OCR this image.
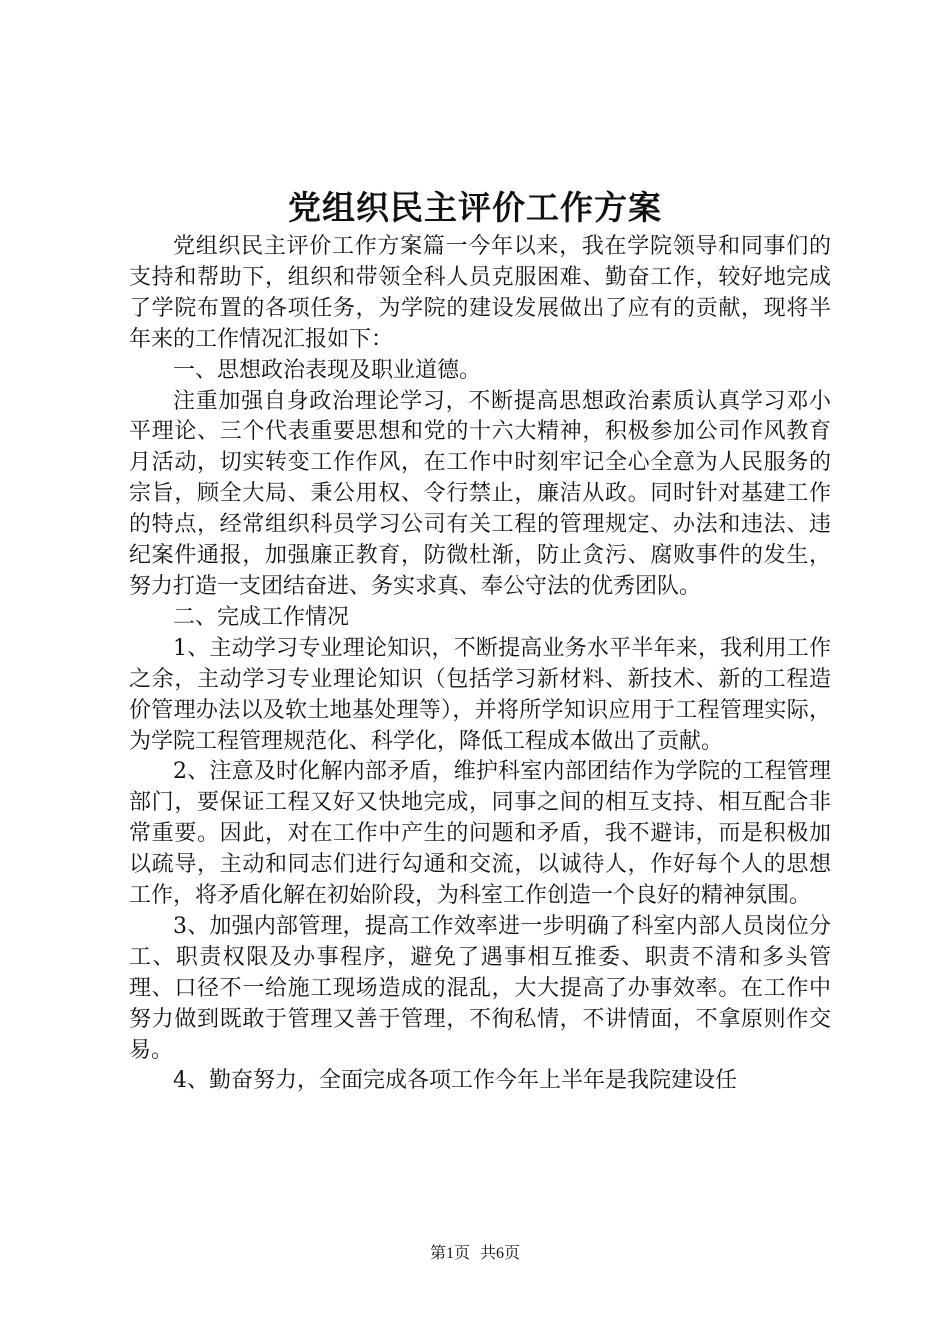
党组织民主评价工作方案

党组织民主评价工作方案篇一今年以来，我在学院领导和同事们的支持和帮助下，组织和带领全科人员克服困难、勤奋工作，较好地完成了学院布置的各项任务，为学院的建设发展做出了应有的贡献，现将半年来的工作情况汇报如下：

一、思想政治表现及职业道德。

注重加强自身政治理论学习，不断提高思想政治素质认真学习邓小平理论、三个代表重要思想和党的十六大精神，积极参加公司作风教育月活动，切实转变工作作风，在工作中时刻牢记全心全意为人民服务的宗旨，顾全大局、秉公用权、令行禁止，廉洁从政。同时针对基建工作的特点，经常组织科员学习公司有关工程的管理规定、办法和违法、违纪案件通报，加强廉正教育，防微杜渐，防止贪污、腐败事件的发生，努力打造一支团结奋进、务实求真、奉公守法的优秀团队。

二、完成工作情况

1、主动学习专业理论知识，不断提高业务水平半年来，我利用工作之余，主动学习专业理论知识（包括学习新材料、新技术、新的工程造价管理办法以及软土地基处理等），并将所学知识应用于工程管理实际，为学院工程管理规范化、科学化，降低工程成本做出了贡献。

2、注意及时化解内部矛盾，维护科室内部团结作为学院的工程管理部门，要保证工程又好又快地完成，同事之间的相互支持、相互配合非常重要。因此，对在工作中产生的问题和矛盾，我不避讳，而是积极加以疏导，主动和同志们进行勾通和交流，以诚待人，作好每个人的思想工作，将矛盾化解在初始阶段，为科室工作创造一个良好的精神氛围。

3、加强内部管理，提高工作效率进一步明确了科室内部人员岗位分工、职责权限及办事程序，避免了遇事相互推委、职责不清和多头管理、口径不一给施工现场造成的混乱，大大提高了办事效率。在工作中努力做到既敢于管理又善于管理，不徇私情，不讲情面，不拿原则作交易。

4、勤奋努力，全面完成各项工作今年上半年是我院建设任

第1页 共6页
